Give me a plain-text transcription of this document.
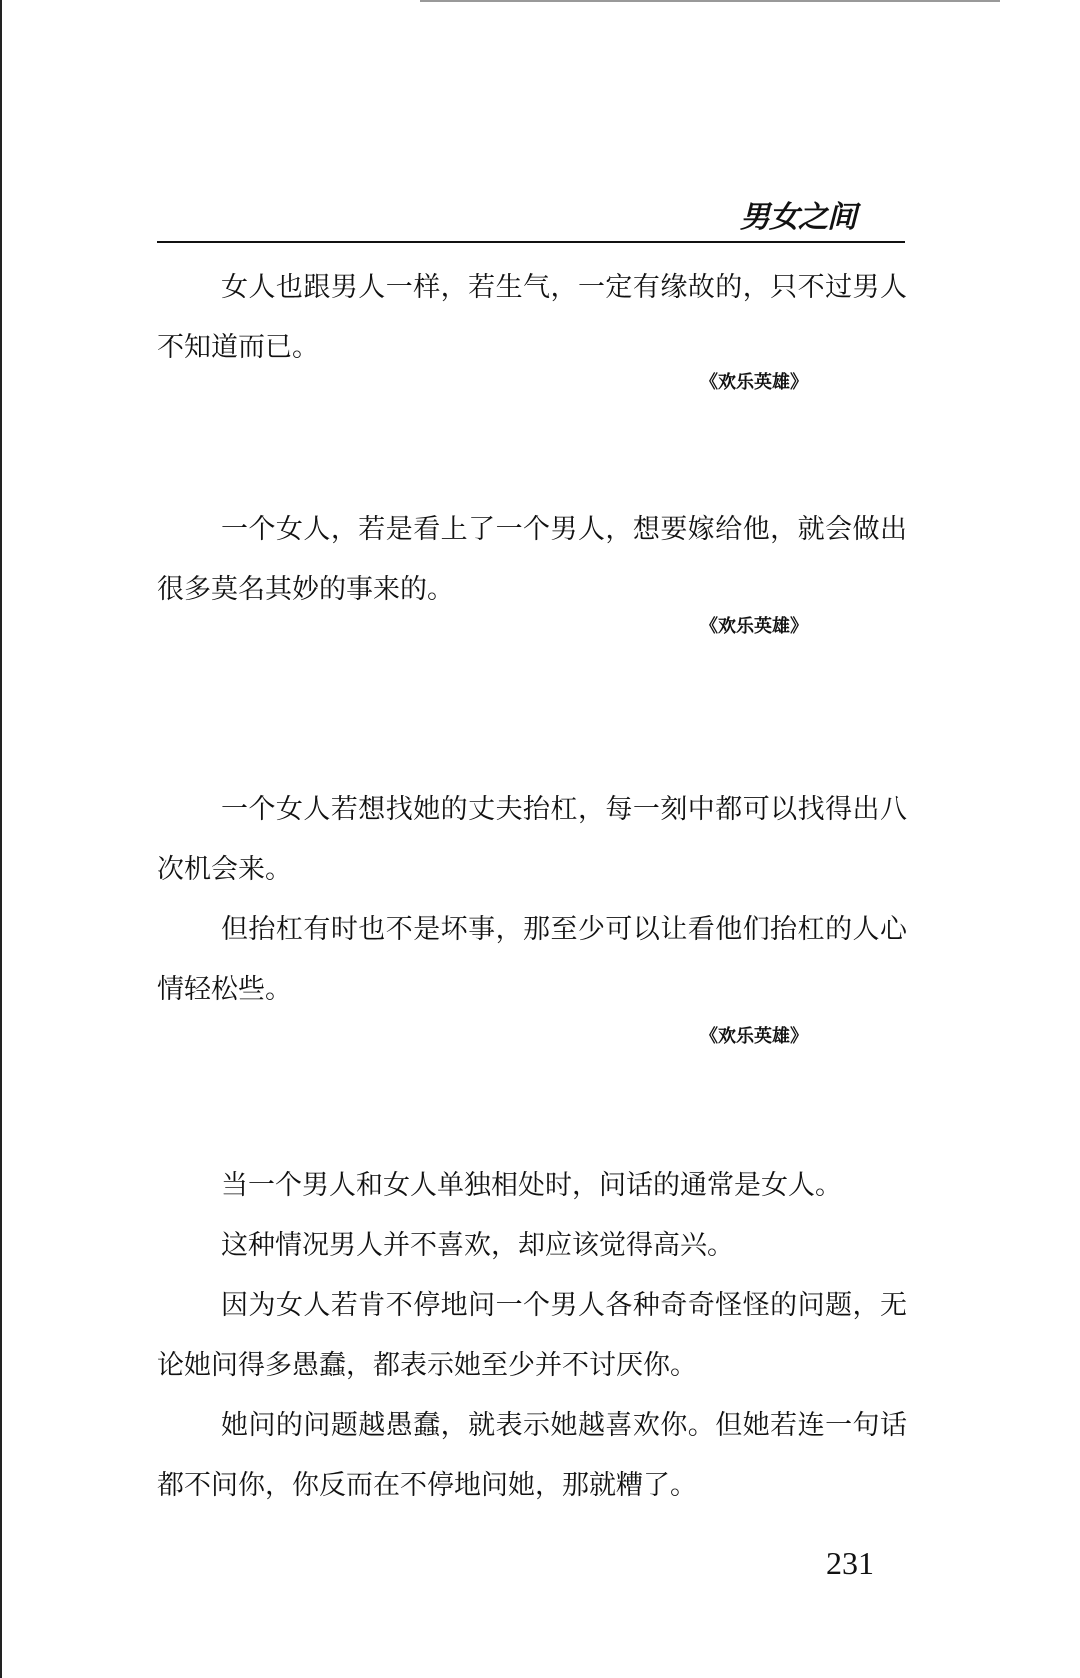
男女之间

女人也跟男人一样，若生气，一定有缘故的，只不过男人不知道而已。

《欢乐英雄》

一个女人，若是看上了一个男人，想要嫁给他，就会做出很多莫名其妙的事来的。

《欢乐英雄》

一个女人若想找她的丈夫抬杠，每一刻中都可以找得出八次机会来。

但抬杠有时也不是坏事，那至少可以让看他们抬杠的人心情轻松些。

《欢乐英雄》

当一个男人和女人单独相处时，问话的通常是女人。

这种情况男人并不喜欢，却应该觉得高兴。

因为女人若肯不停地问一个男人各种奇奇怪怪的问题，无论她问得多愚蠢，都表示她至少并不讨厌你。

她问的问题越愚蠢，就表示她越喜欢你。但她若连一句话都不问你，你反而在不停地问她，那就糟了。

231
